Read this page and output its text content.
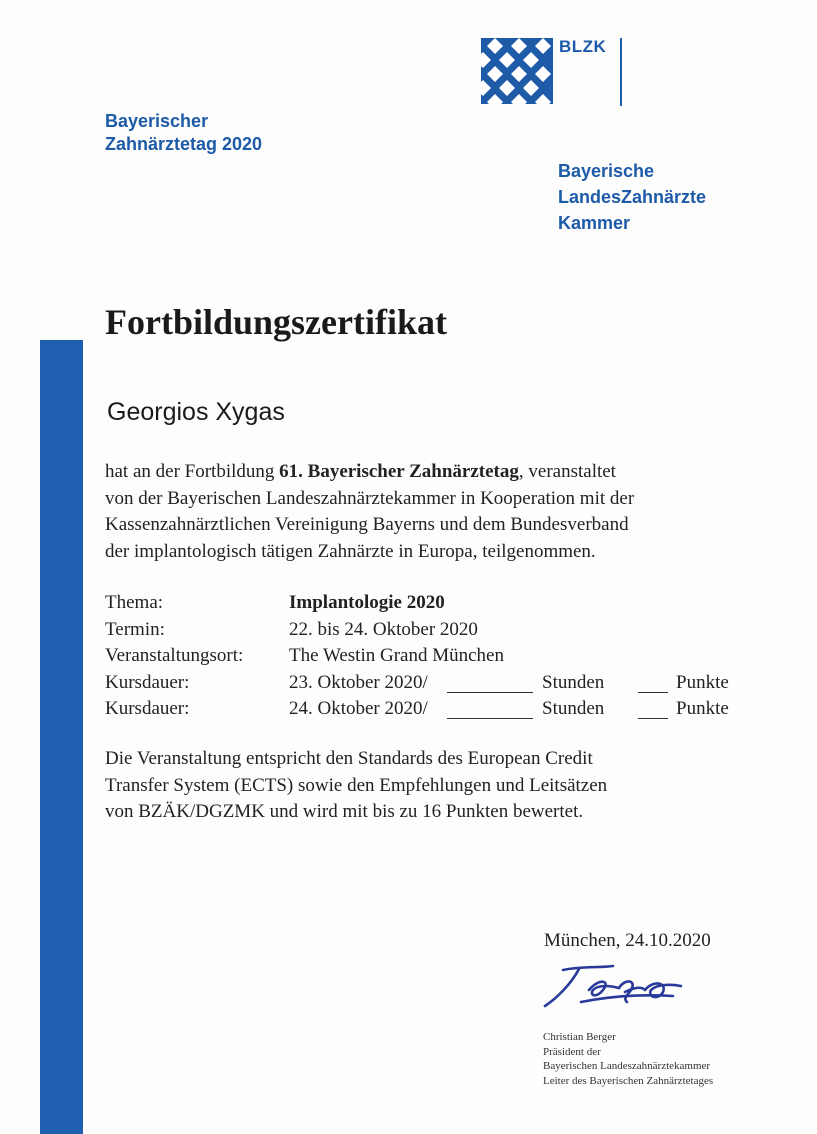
Bayerischer
Zahnärztetag 2020
BLZK
Bayerische
LandesZahnärzte
Kammer
Fortbildungszertifikat
Georgios Xygas
hat an der Fortbildung 61. Bayerischer Zahnärztetag, veranstaltet
von der Bayerischen Landeszahnärztekammer in Kooperation mit der
Kassenzahnärztlichen Vereinigung Bayerns und dem Bundesverband
der implantologisch tätigen Zahnärzte in Europa, teilgenommen.
Thema:	Implantologie 2020
Termin:	22. bis 24. Oktober 2020
Veranstaltungsort: The Westin Grand München
Kursdauer:	23. Oktober 2020/	Stunden	Punkte
Kursdauer:	24. Oktober 2020/	Stunden	Punkte
Die Veranstaltung entspricht den Standards des European Credit
Transfer System (ECTS) sowie den Empfehlungen und Leitsätzen
von BZÄK/DGZMK und wird mit bis zu 16 Punkten bewertet.
München, 24.10.2020
Christian Berger
Präsident der
Bayerischen Landeszahnärztekammer
Leiter des Bayerischen Zahnärztetages
